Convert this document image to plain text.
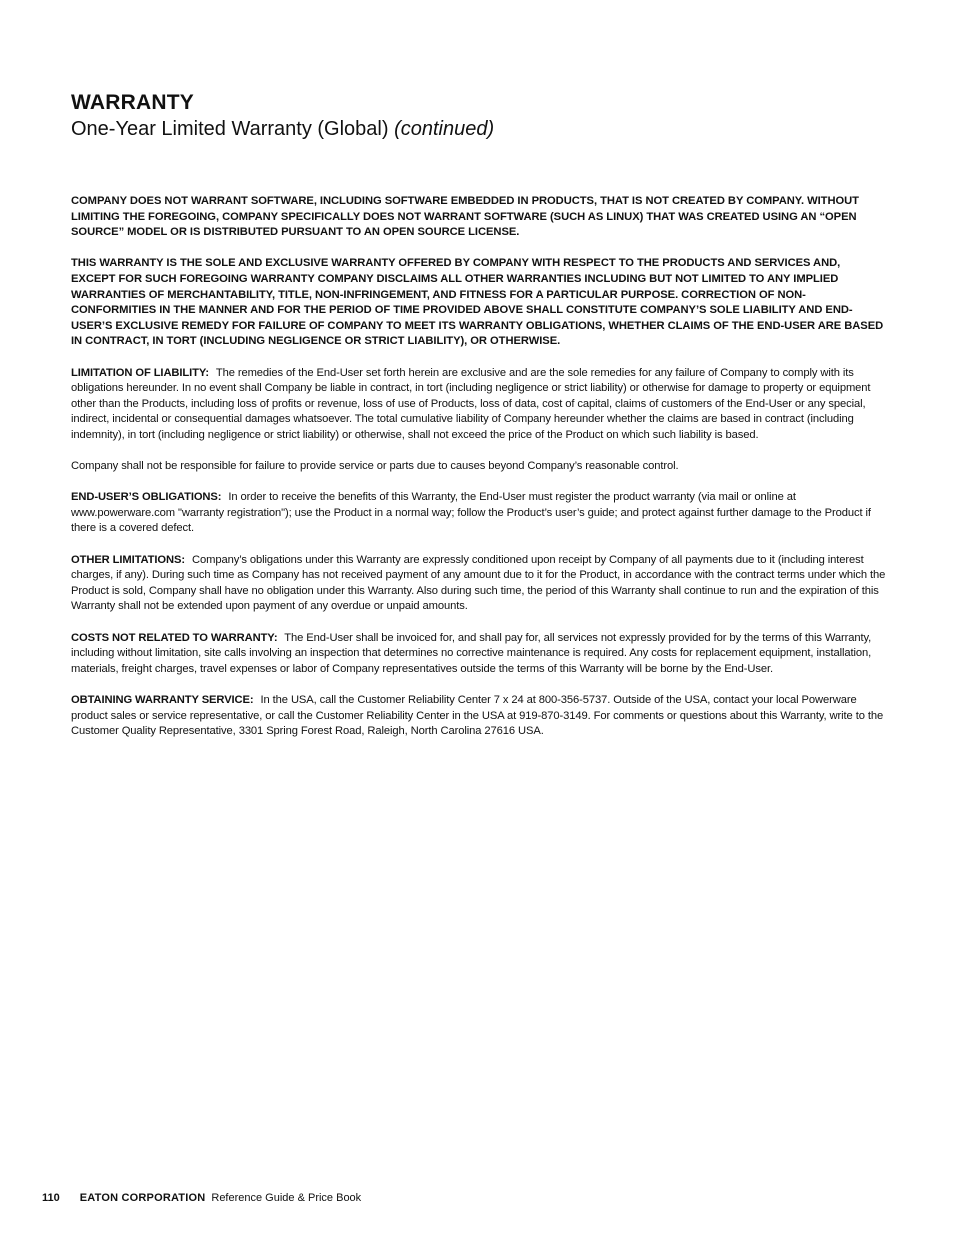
WARRANTY
One-Year Limited Warranty (Global) (continued)

COMPANY DOES NOT WARRANT SOFTWARE, INCLUDING SOFTWARE EMBEDDED IN PRODUCTS, THAT IS NOT CREATED BY COMPANY. WITHOUT LIMITING THE FOREGOING, COMPANY SPECIFICALLY DOES NOT WARRANT SOFTWARE (SUCH AS LINUX) THAT WAS CREATED USING AN “OPEN SOURCE” MODEL OR IS DISTRIBUTED PURSUANT TO AN OPEN SOURCE LICENSE.

THIS WARRANTY IS THE SOLE AND EXCLUSIVE WARRANTY OFFERED BY COMPANY WITH RESPECT TO THE PRODUCTS AND SERVICES AND, EXCEPT FOR SUCH FOREGOING WARRANTY COMPANY DISCLAIMS ALL OTHER WARRANTIES INCLUDING BUT NOT LIMITED TO ANY IMPLIED WARRANTIES OF MERCHANTABILITY, TITLE, NON-INFRINGEMENT, AND FITNESS FOR A PARTICULAR PURPOSE. CORRECTION OF NON-CONFORMITIES IN THE MANNER AND FOR THE PERIOD OF TIME PROVIDED ABOVE SHALL CONSTITUTE COMPANY’S SOLE LIABILITY AND END-USER’S EXCLUSIVE REMEDY FOR FAILURE OF COMPANY TO MEET ITS WARRANTY OBLIGATIONS, WHETHER CLAIMS OF THE END-USER ARE BASED IN CONTRACT, IN TORT (INCLUDING NEGLIGENCE OR STRICT LIABILITY), OR OTHERWISE.

LIMITATION OF LIABILITY: The remedies of the End-User set forth herein are exclusive and are the sole remedies for any failure of Company to comply with its obligations hereunder. In no event shall Company be liable in contract, in tort (including negligence or strict liability) or otherwise for damage to property or equipment other than the Products, including loss of profits or revenue, loss of use of Products, loss of data, cost of capital, claims of customers of the End-User or any special, indirect, incidental or consequential damages whatsoever. The total cumulative liability of Company hereunder whether the claims are based in contract (including indemnity), in tort (including negligence or strict liability) or otherwise, shall not exceed the price of the Product on which such liability is based.

Company shall not be responsible for failure to provide service or parts due to causes beyond Company’s reasonable control.

END-USER’S OBLIGATIONS: In order to receive the benefits of this Warranty, the End-User must register the product warranty (via mail or online at www.powerware.com "warranty registration"); use the Product in a normal way; follow the Product’s user’s guide; and protect against further damage to the Product if there is a covered defect.

OTHER LIMITATIONS: Company’s obligations under this Warranty are expressly conditioned upon receipt by Company of all payments due to it (including interest charges, if any). During such time as Company has not received payment of any amount due to it for the Product, in accordance with the contract terms under which the Product is sold, Company shall have no obligation under this Warranty. Also during such time, the period of this Warranty shall continue to run and the expiration of this Warranty shall not be extended upon payment of any overdue or unpaid amounts.

COSTS NOT RELATED TO WARRANTY: The End-User shall be invoiced for, and shall pay for, all services not expressly provided for by the terms of this Warranty, including without limitation, site calls involving an inspection that determines no corrective maintenance is required. Any costs for replacement equipment, installation, materials, freight charges, travel expenses or labor of Company representatives outside the terms of this Warranty will be borne by the End-User.

OBTAINING WARRANTY SERVICE: In the USA, call the Customer Reliability Center 7 x 24 at 800-356-5737. Outside of the USA, contact your local Powerware product sales or service representative, or call the Customer Reliability Center in the USA at 919-870-3149. For comments or questions about this Warranty, write to the Customer Quality Representative, 3301 Spring Forest Road, Raleigh, North Carolina 27616 USA.

110 EATON CORPORATION Reference Guide & Price Book
